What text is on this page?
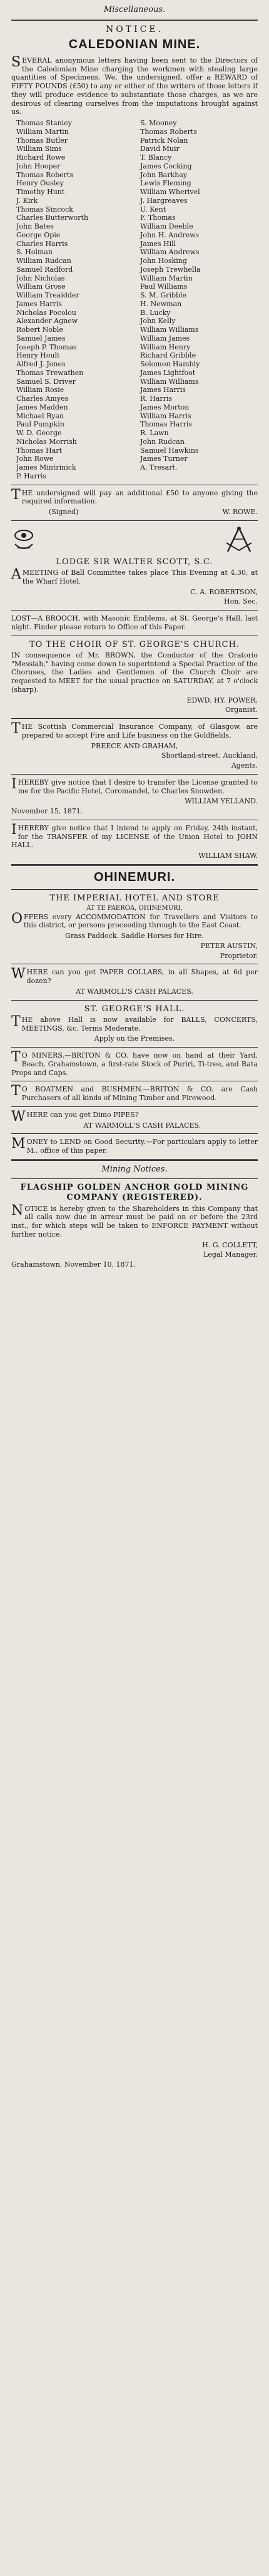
Miscellaneous.
NOTICE.
CALEDONIAN MINE.

SEVERAL anonymous letters having been sent to the Directors of the Caledonian Mine charging the workmen with stealing large quantities of Specimens. We, the undersigned, offer a REWARD of FIFTY POUNDS (£50) to any or either of the writers of those letters if they will produce evidence to substantiate those charges, as we are desirous of clearing ourselves from the imputations brought against us.

Thomas Stanley
William Martin
Thomas Butler
William Sims
Richard Rowe
John Hooper
Thomas Roberts
Henry Ousley
Timothy Hunt
J. Kirk
Thomas Sincock
Charles Butterworth
John Bates
George Opie
Charles Harris
S. Holman
William Rudcan
Samuel Radford
John Nicholas
William Grose
William Treaidder
James Harris
Nicholas Pocolou
Alexander Agnew
Robert Noble
Samuel James
Joseph P. Thomas
Henry Hoult
Alfred J. Jones
Thomas Trewathen
Samuel S. Driver
William Rosie
Charles Amyes
James Madden
Michael Ryan
Paul Pumpkin
W. D. George
Nicholas Morrish
Thomas Hart
John Rowe
James Mintrinick
P. Harris
S. Mooney
Thomas Roberts
Patrick Nolan
David Muir
T. Blancy
James Cocking
John Barkhay
Lewis Fleming
William Wherivel
J. Hargreaves
U. Kent
F. Thomas
William Deeble
John H. Andrews
James Hill
William Andrews
John Hosking
Joseph Trewhella
William Martin
Paul Williams
S. M. Gribble
H. Newman
B. Lucky
John Kelly
William Williams
William James
William Henry
Richard Gribble
Solomon Hambly
James Lightfoot
William Williams
James Harris
R. Harris
James Morton
William Harris
Thomas Harris
R. Lawn
John Rudcan
Samuel Hawkins
James Turner
A. Tresart.

THE undersigned will pay an additional £50 to anyone giving the required information.

(Signed)	W. ROWE.
LODGE SIR WALTER SCOTT, S.C.

AMEETING of Ball Committee takes place This Evening at 4.30, at the Wharf Hotel.

C. A. ROBERTSON,
Hon. Sec.

LOST—A BROOCH, with Masonic Emblems, at St. George's Hall, last night. Finder please return to Office of this Paper.

TO THE CHOIR OF ST. GEORGE'S CHURCH.

IN consequence of Mr. BROWN, the Conductor of the Oratorio "Messiah," having come down to superintend a Special Practice of the Choruses, the Ladies and Gentlemen of the Church Choir are requested to MEET for the usual practice on SATURDAY, at 7 o'clock (sharp).

EDWD. HY. POWER,
Organist.

THE Scottish Commercial Insurance Company, of Glasgow, are prepared to accept Fire and Life business on the Goldfields.

PREECE AND GRAHAM,
Shortland-street, Auckland,
Agents.

IHEREBY give notice that I desire to transfer the License granted to me for the Pacific Hotel, Coromandel, to Charles Snowden.

WILLIAM YELLAND.
November 15, 1871.

IHEREBY give notice that I intend to apply on Friday, 24th instant, for the TRANSFER of my LICENSE of the Union Hotel to JOHN HALL.

WILLIAM SHAW.
OHINEMURI.
THE IMPERIAL HOTEL AND STORE
AT TE PAEROA, OHINEMURI,

OFFERS every ACCOMMODATION for Travellers and Visitors to this district, or persons proceeding through to the East Coast.

Grass Paddock. Saddle Horses for Hire.
PETER AUSTIN,
Proprietor.

WHERE can you get PAPER COLLARS, in all Shapes, at 6d per dozen?

AT WARMOLL'S CASH PALACES.
ST. GEORGE'S HALL.

THE above Hall is now available for BALLS, CONCERTS, MEETINGS, &c. Terms Moderate.

Apply on the Premises.

TO MINERS.—BRITON & CO. have now on hand at their Yard, Beach, Grahamstown, a first-rate Stock of Puriri, Ti-tree, and Rata Props and Caps.

TO BOATMEN and BUSHMEN.—BRITON & CO. are Cash Purchasers of all kinds of Mining Timber and Firewood.

WHERE can you get Dimo PIPES?

AT WARMOLL'S CASH PALACES.

MONEY to LEND on Good Security.—For particulars apply to letter M., office of this paper.

Mining Notices.
FLAGSHIP GOLDEN ANCHOR GOLD MINING COMPANY (REGISTERED).

NOTICE is hereby given to the Shareholders in this Company that all calls now due in arrear must be paid on or before the 23rd inst., for which steps will be taken to ENFORCE PAYMENT without further notice.

H. G. COLLETT,
Legal Manager.
Grahamstown, November 10, 1871.
